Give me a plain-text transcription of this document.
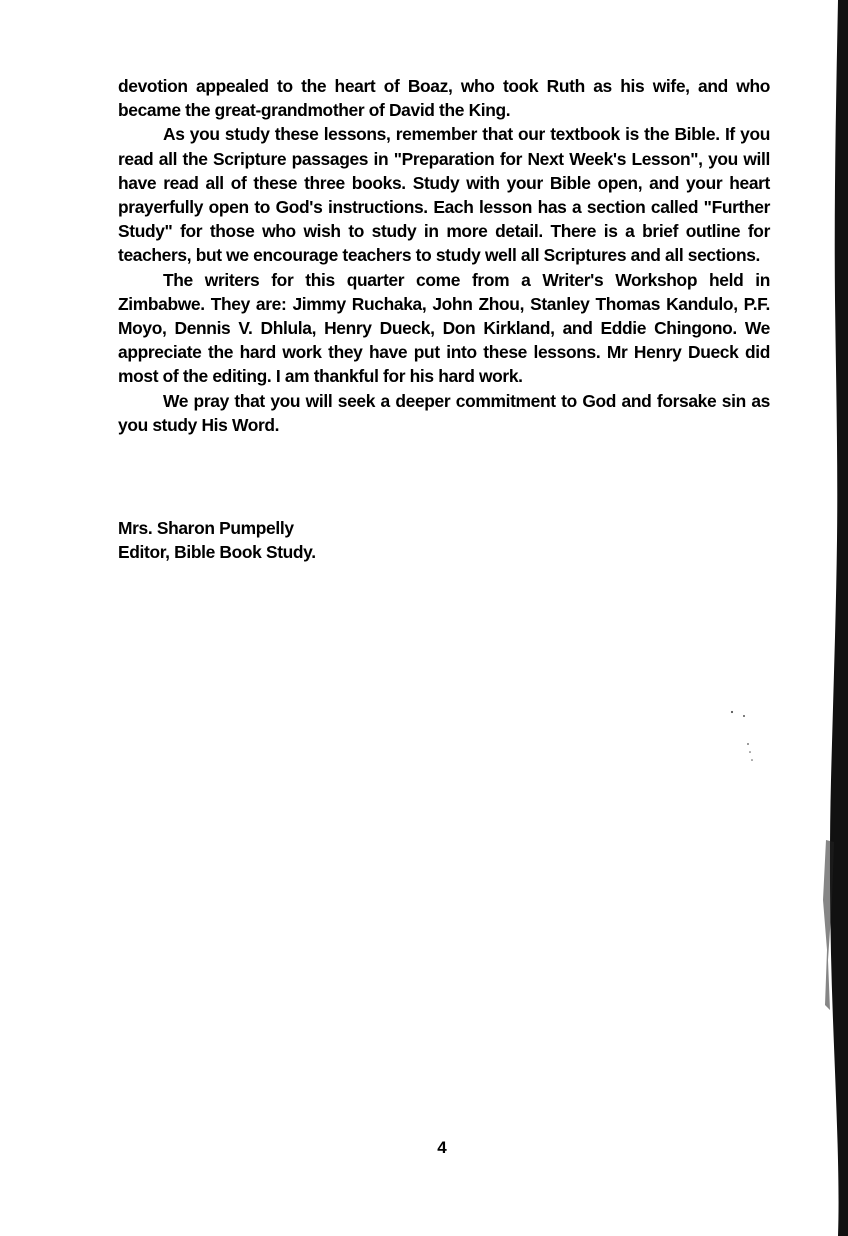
devotion appealed to the heart of Boaz, who took Ruth as his wife, and who became the great-grandmother of David the King.

As you study these lessons, remember that our textbook is the Bible. If you read all the Scripture passages in "Preparation for Next Week's Lesson", you will have read all of these three books. Study with your Bible open, and your heart prayerfully open to God's instructions. Each lesson has a section called "Further Study" for those who wish to study in more detail. There is a brief outline for teachers, but we encourage teachers to study well all Scriptures and all sections.

The writers for this quarter come from a Writer's Workshop held in Zimbabwe. They are: Jimmy Ruchaka, John Zhou, Stanley Thomas Kandulo, P.F. Moyo, Dennis V. Dhlula, Henry Dueck, Don Kirkland, and Eddie Chingono. We appreciate the hard work they have put into these lessons. Mr Henry Dueck did most of the editing. I am thankful for his hard work.

We pray that you will seek a deeper commitment to God and forsake sin as you study His Word.

Mrs. Sharon Pumpelly
Editor, Bible Book Study.
4
